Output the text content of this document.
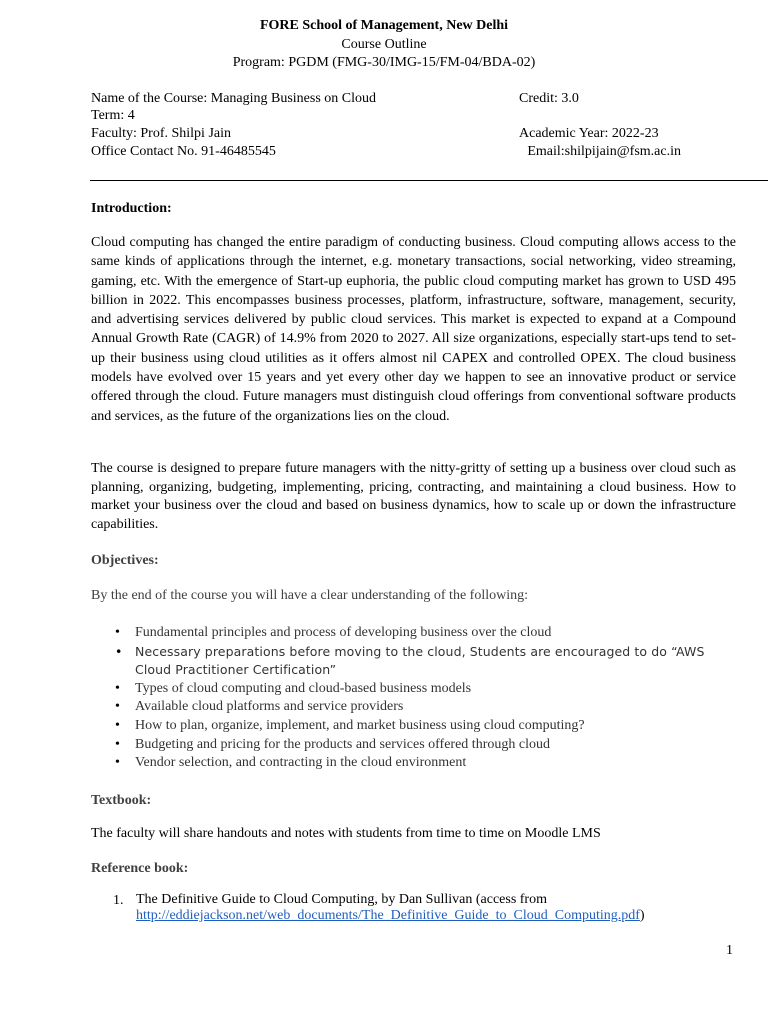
FORE School of Management, New Delhi
Course Outline
Program: PGDM (FMG-30/IMG-15/FM-04/BDA-02)
Name of the Course: Managing Business on Cloud	Credit: 3.0
Term: 4
Faculty: Prof. Shilpi Jain	Academic Year: 2022-23
Office Contact No. 91-46485545	Email:shilpijain@fsm.ac.in
Introduction:
Cloud computing has changed the entire paradigm of conducting business. Cloud computing allows access to the same kinds of applications through the internet, e.g. monetary transactions, social networking, video streaming, gaming, etc. With the emergence of Start-up euphoria, the public cloud computing market has grown to USD 495 billion in 2022. This encompasses business processes, platform, infrastructure, software, management, security, and advertising services delivered by public cloud services. This market is expected to expand at a Compound Annual Growth Rate (CAGR) of 14.9% from 2020 to 2027. All size organizations, especially start-ups tend to set-up their business using cloud utilities as it offers almost nil CAPEX and controlled OPEX. The cloud business models have evolved over 15 years and yet every other day we happen to see an innovative product or service offered through the cloud. Future managers must distinguish cloud offerings from conventional software products and services, as the future of the organizations lies on the cloud.
The course is designed to prepare future managers with the nitty-gritty of setting up a business over cloud such as planning, organizing, budgeting, implementing, pricing, contracting, and maintaining a cloud business. How to market your business over the cloud and based on business dynamics, how to scale up or down the infrastructure capabilities.
Objectives:
By the end of the course you will have a clear understanding of the following:
• Fundamental principles and process of developing business over the cloud
• Necessary preparations before moving to the cloud, Students are encouraged to do “AWS Cloud Practitioner Certification”
• Types of cloud computing and cloud-based business models
• Available cloud platforms and service providers
• How to plan, organize, implement, and market business using cloud computing?
• Budgeting and pricing for the products and services offered through cloud
• Vendor selection, and contracting in the cloud environment
Textbook:
The faculty will share handouts and notes with students from time to time on Moodle LMS
Reference book:
1. The Definitive Guide to Cloud Computing, by Dan Sullivan (access from
http://eddiejackson.net/web_documents/The_Definitive_Guide_to_Cloud_Computing.pdf)
1
